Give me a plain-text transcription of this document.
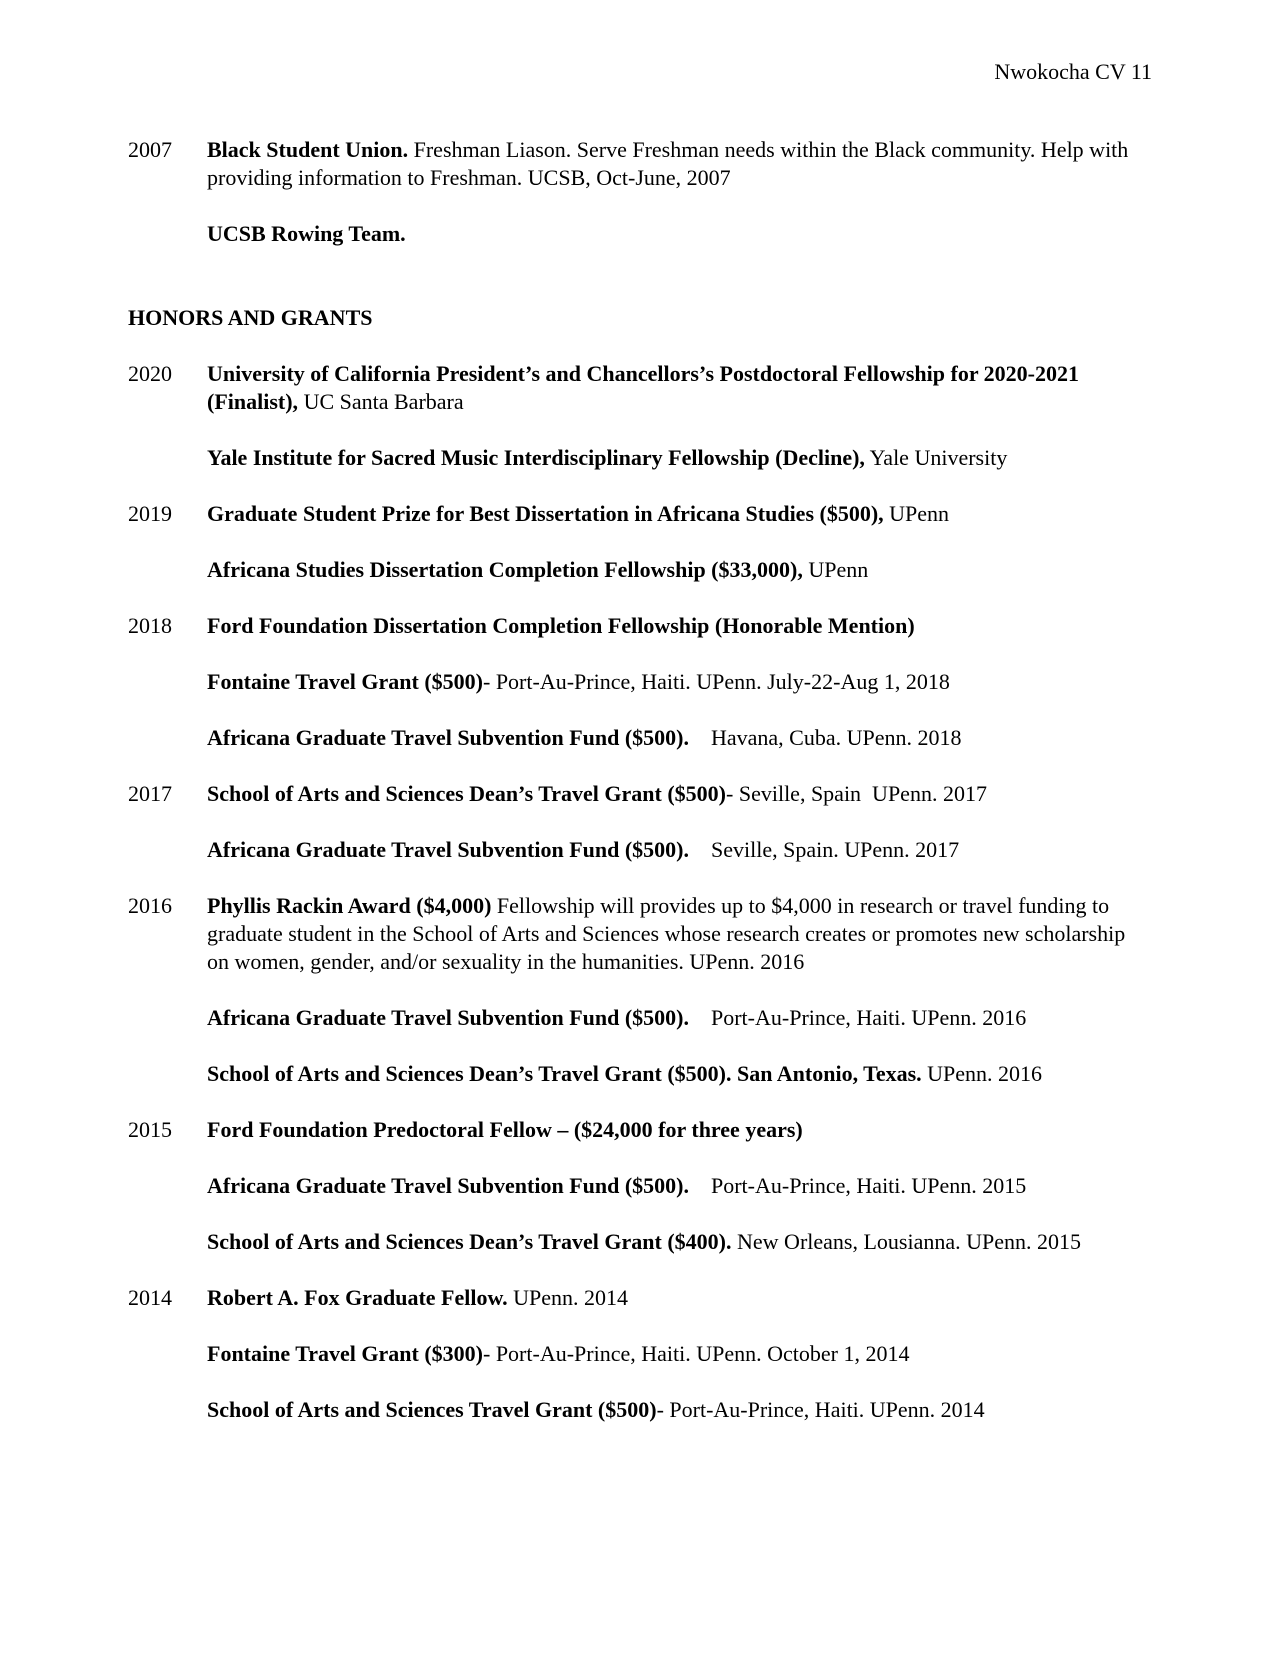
Nwokocha CV 11
2007	Black Student Union. Freshman Liason. Serve Freshman needs within the Black community. Help with providing information to Freshman. UCSB, Oct-June, 2007
UCSB Rowing Team.
HONORS AND GRANTS
2020	University of California President’s and Chancellors’s Postdoctoral Fellowship for 2020-2021 (Finalist), UC Santa Barbara
Yale Institute for Sacred Music Interdisciplinary Fellowship (Decline), Yale University
2019	Graduate Student Prize for Best Dissertation in Africana Studies ($500), UPenn
Africana Studies Dissertation Completion Fellowship ($33,000), UPenn
2018	Ford Foundation Dissertation Completion Fellowship (Honorable Mention)
Fontaine Travel Grant ($500)- Port-Au-Prince, Haiti. UPenn. July-22-Aug 1, 2018
Africana Graduate Travel Subvention Fund ($500).    Havana, Cuba. UPenn. 2018
2017	School of Arts and Sciences Dean’s Travel Grant ($500)- Seville, Spain  UPenn. 2017
Africana Graduate Travel Subvention Fund ($500).    Seville, Spain. UPenn. 2017
2016	Phyllis Rackin Award ($4,000) Fellowship will provides up to $4,000 in research or travel funding to graduate student in the School of Arts and Sciences whose research creates or promotes new scholarship on women, gender, and/or sexuality in the humanities. UPenn. 2016
Africana Graduate Travel Subvention Fund ($500).    Port-Au-Prince, Haiti. UPenn. 2016
School of Arts and Sciences Dean’s Travel Grant ($500). San Antonio, Texas. UPenn. 2016
2015	Ford Foundation Predoctoral Fellow – ($24,000 for three years)
Africana Graduate Travel Subvention Fund ($500).    Port-Au-Prince, Haiti. UPenn. 2015
School of Arts and Sciences Dean’s Travel Grant ($400). New Orleans, Lousianna. UPenn. 2015
2014	Robert A. Fox Graduate Fellow. UPenn. 2014
Fontaine Travel Grant ($300)- Port-Au-Prince, Haiti. UPenn. October 1, 2014
School of Arts and Sciences Travel Grant ($500)- Port-Au-Prince, Haiti. UPenn. 2014
